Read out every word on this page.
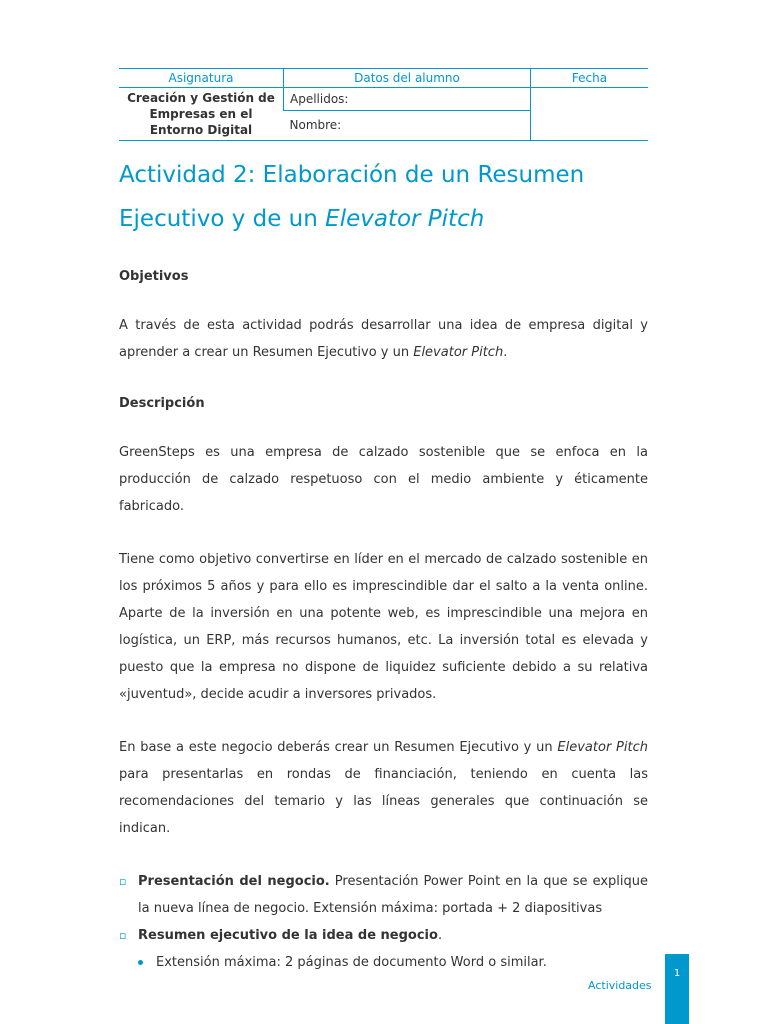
Asignatura	Datos del alumno	Fecha
Creación y Gestión de Empresas en el Entorno Digital	Apellidos:	
	Nombre:	
Actividad 2: Elaboración de un Resumen Ejecutivo y de un Elevator Pitch
Objetivos

A través de esta actividad podrás desarrollar una idea de empresa digital y aprender a crear un Resumen Ejecutivo y un Elevator Pitch.

Descripción

GreenSteps es una empresa de calzado sostenible que se enfoca en la producción de calzado respetuoso con el medio ambiente y éticamente fabricado.

Tiene como objetivo convertirse en líder en el mercado de calzado sostenible en los próximos 5 años y para ello es imprescindible dar el salto a la venta online. Aparte de la inversión en una potente web, es imprescindible una mejora en logística, un ERP, más recursos humanos, etc. La inversión total es elevada y puesto que la empresa no dispone de liquidez suficiente debido a su relativa «juventud», decide acudir a inversores privados.

En base a este negocio deberás crear un Resumen Ejecutivo y un Elevator Pitch para presentarlas en rondas de financiación, teniendo en cuenta las recomendaciones del temario y las líneas generales que continuación se indican.

▫ Presentación del negocio. Presentación Power Point en la que se explique la nueva línea de negocio. Extensión máxima: portada + 2 diapositivas
▫ Resumen ejecutivo de la idea de negocio.
Extensión máxima: 2 páginas de documento Word o similar.
Actividades
1
